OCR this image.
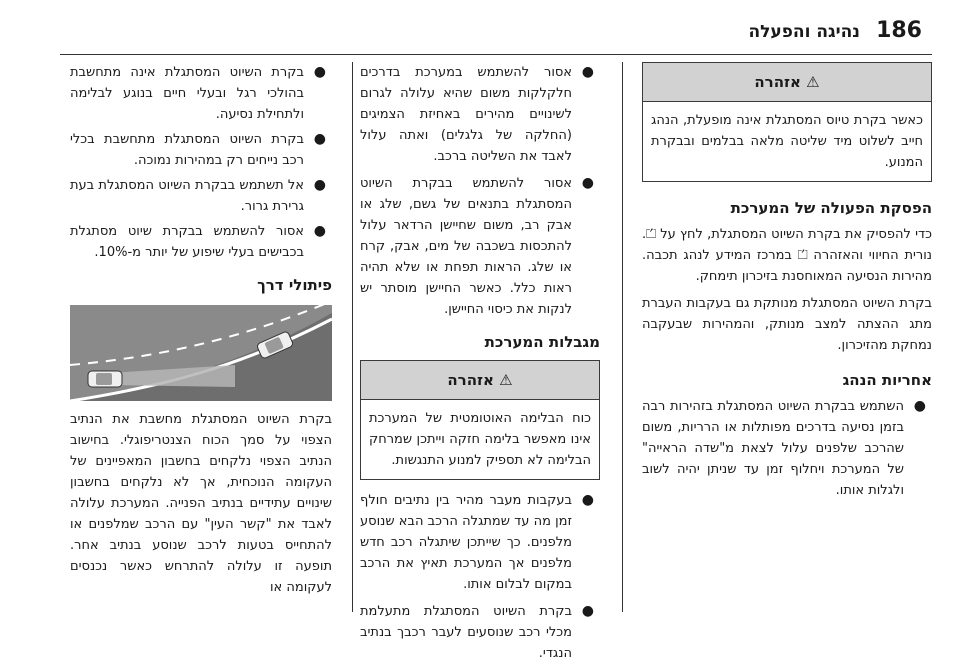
186
נהיגה והפעלה
⚠ אזהרה
כאשר בקרת טיוס המסתגלת אינה מופעלת, הנהג חייב לשלוט מיד שליטה מלאה בבלמים ובבקרת המנוע.
הפסקת הפעולה של המערכת

כדי להפסיק את בקרת השיוט המסתגלת, לחץ על ⏍. נורית החיווי והאזהרה ⏍ במרכז המידע לנהג תכבה. מהירות הנסיעה המאוחסנת בזיכרון תימחק.

בקרת השיוט המסתגלת מנותקת גם בעקבות העברת מתג ההצתה למצב מנותק, והמהירות שבעקבה נמחקת מהזיכרון.

אחריות הנהג
●
השתמש בבקרת השיוט המסתגלת בזהירות רבה בזמן נסיעה בדרכים מפותלות או הרריות, משום שהרכב שלפנים עלול לצאת מ"שדה הראייה" של המערכת ויחלוף זמן עד שניתן יהיה לשוב ולגלות אותו.
●
אסור להשתמש במערכת בדרכים חלקלקות משום שהיא עלולה לגרום לשינויים מהירים באחיזת הצמיגים (החלקה של גלגלים) ואתה עלול לאבד את השליטה ברכב.
●
אסור להשתמש בבקרת השיוט המסתגלת בתנאים של גשם, שלג או אבק רב, משום שחיישן הרדאר עלול להתכסות בשכבה של מים, אבק, קרח או שלג. הראות תפחת או שלא תהיה ראות כלל. כאשר החיישן מוסתר יש לנקות את כיסוי החיישן.
מגבלות המערכת
⚠ אזהרה
כוח הבלימה האוטומטית של המערכת אינו מאפשר בלימה חזקה וייתכן שמרחק הבלימה לא תספיק למנוע התנגשות.
●
בעקבות מעבר מהיר בין נתיבים חולף זמן מה עד שמתגלה הרכב הבא שנוסע מלפנים. כך שייתכן שיתגלה רכב חדש מלפנים אך המערכת תאיץ את הרכב במקום לבלום אותו.
●
בקרת השיוט המסתגלת מתעלמת מכלי רכב שנוסעים לעבר רכבך בנתיב הנגדי.
●
בקרת השיוט המסתגלת אינה מתחשבת בהולכי רגל ובעלי חיים בנוגע לבלימה ולתחילת נסיעה.
●
בקרת השיוט המסתגלת מתחשבת בכלי רכב נייחים רק במהירות נמוכה.
●
אל תשתמש בבקרת השיוט המסתגלת בעת גרירת גרור.
●
אסור להשתמש בבקרת שיוט מסתגלת בכבישים בעלי שיפוע של יותר מ-10%.
פיתולי דרך

בקרת השיוט המסתגלת מחשבת את הנתיב הצפוי על סמך הכוח הצנטריפוגלי. בחישוב הנתיב הצפוי נלקחים בחשבון המאפיינים של העקומה הנוכחית, אך לא נלקחים בחשבון שינויים עתידיים בנתיב הפנייה. המערכת עלולה לאבד את "קשר העין" עם הרכב שמלפנים או להתחייס בטעות לרכב שנוסע בנתיב אחר. תופעה זו עלולה להתרחש כאשר נכנסים לעקומה או
